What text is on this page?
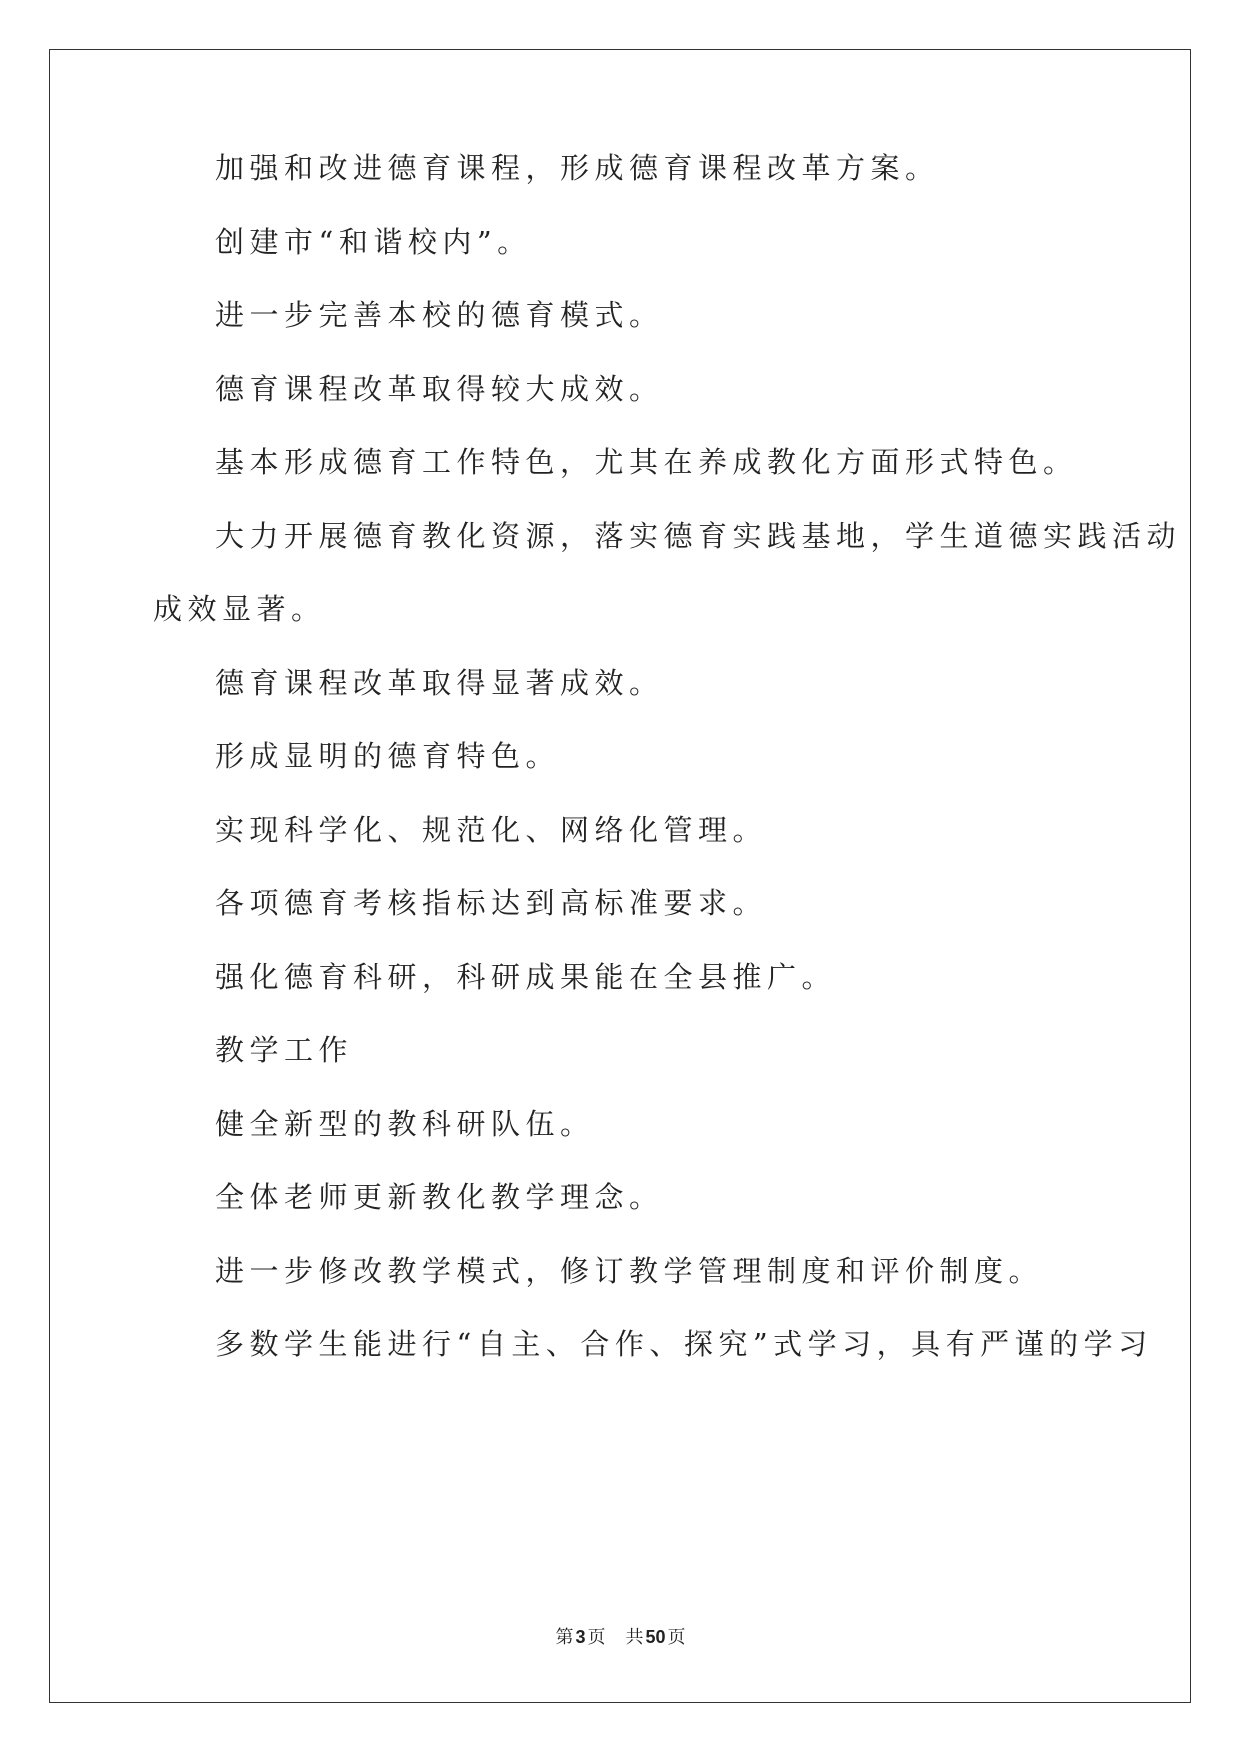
加强和改进德育课程，形成德育课程改革方案。
创建市“和谐校内”。
进一步完善本校的德育模式。
德育课程改革取得较大成效。
基本形成德育工作特色，尤其在养成教化方面形式特色。
大力开展德育教化资源，落实德育实践基地，学生道德实践活动
成效显著。
德育课程改革取得显著成效。
形成显明的德育特色。
实现科学化、规范化、网络化管理。
各项德育考核指标达到高标准要求。
强化德育科研，科研成果能在全县推广。
教学工作
健全新型的教科研队伍。
全体老师更新教化教学理念。
进一步修改教学模式，修订教学管理制度和评价制度。
多数学生能进行“自主、合作、探究”式学习，具有严谨的学习
第 3 页 共 50 页
